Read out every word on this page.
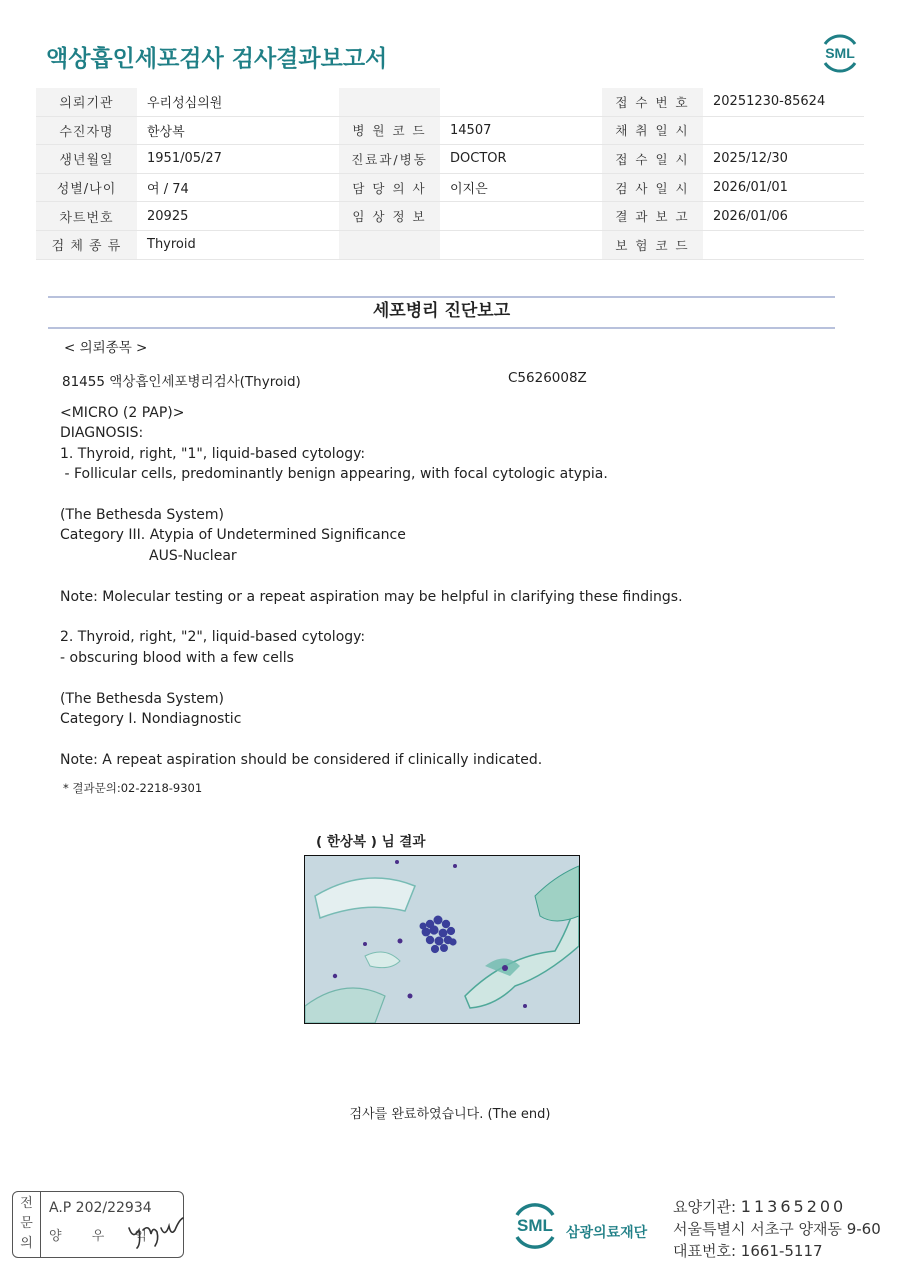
액상흡인세포검사 검사결과보고서	SML
의뢰기관	우리성심의원			접 수 번 호	20251230-85624
수진자명	한상복	병 원 코 드	14507	채 취 일 시	
생년월일	1951/05/27	진료과/병동	DOCTOR	접 수 일 시	2025/12/30
성별/나이	여 / 74	담 당 의 사	이지은	검 사 일 시	2026/01/01
차트번호	20925	임 상 정 보		결 과 보 고	2026/01/06
검 체 종 류	Thyroid			보 험 코 드	
세포병리 진단보고
< 의뢰종목 >
81455 액상흡인세포병리검사(Thyroid)	C5626008Z
<MICRO (2 PAP)>
DIAGNOSIS:
1. Thyroid, right, "1", liquid-based cytology:
- Follicular cells, predominantly benign appearing, with focal cytologic atypia.

(The Bethesda System)
Category III. Atypia of Undetermined Significance
AUS-Nuclear

Note: Molecular testing or a repeat aspiration may be helpful in clarifying these findings.

2. Thyroid, right, "2", liquid-based cytology:
- obscuring blood with a few cells

(The Bethesda System)
Category I. Nondiagnostic

Note: A repeat aspiration should be considered if clinically indicated.
* 결과문의:02-2218-9301
( 한상복 ) 님 결과
검사를 완료하였습니다. (The end)
전
문
의
A.P 202/22934
양 우 익
SML 삼광의료재단
요양기관: 11365200
서울특별시 서초구 양재동 9-60
대표번호: 1661-5117
